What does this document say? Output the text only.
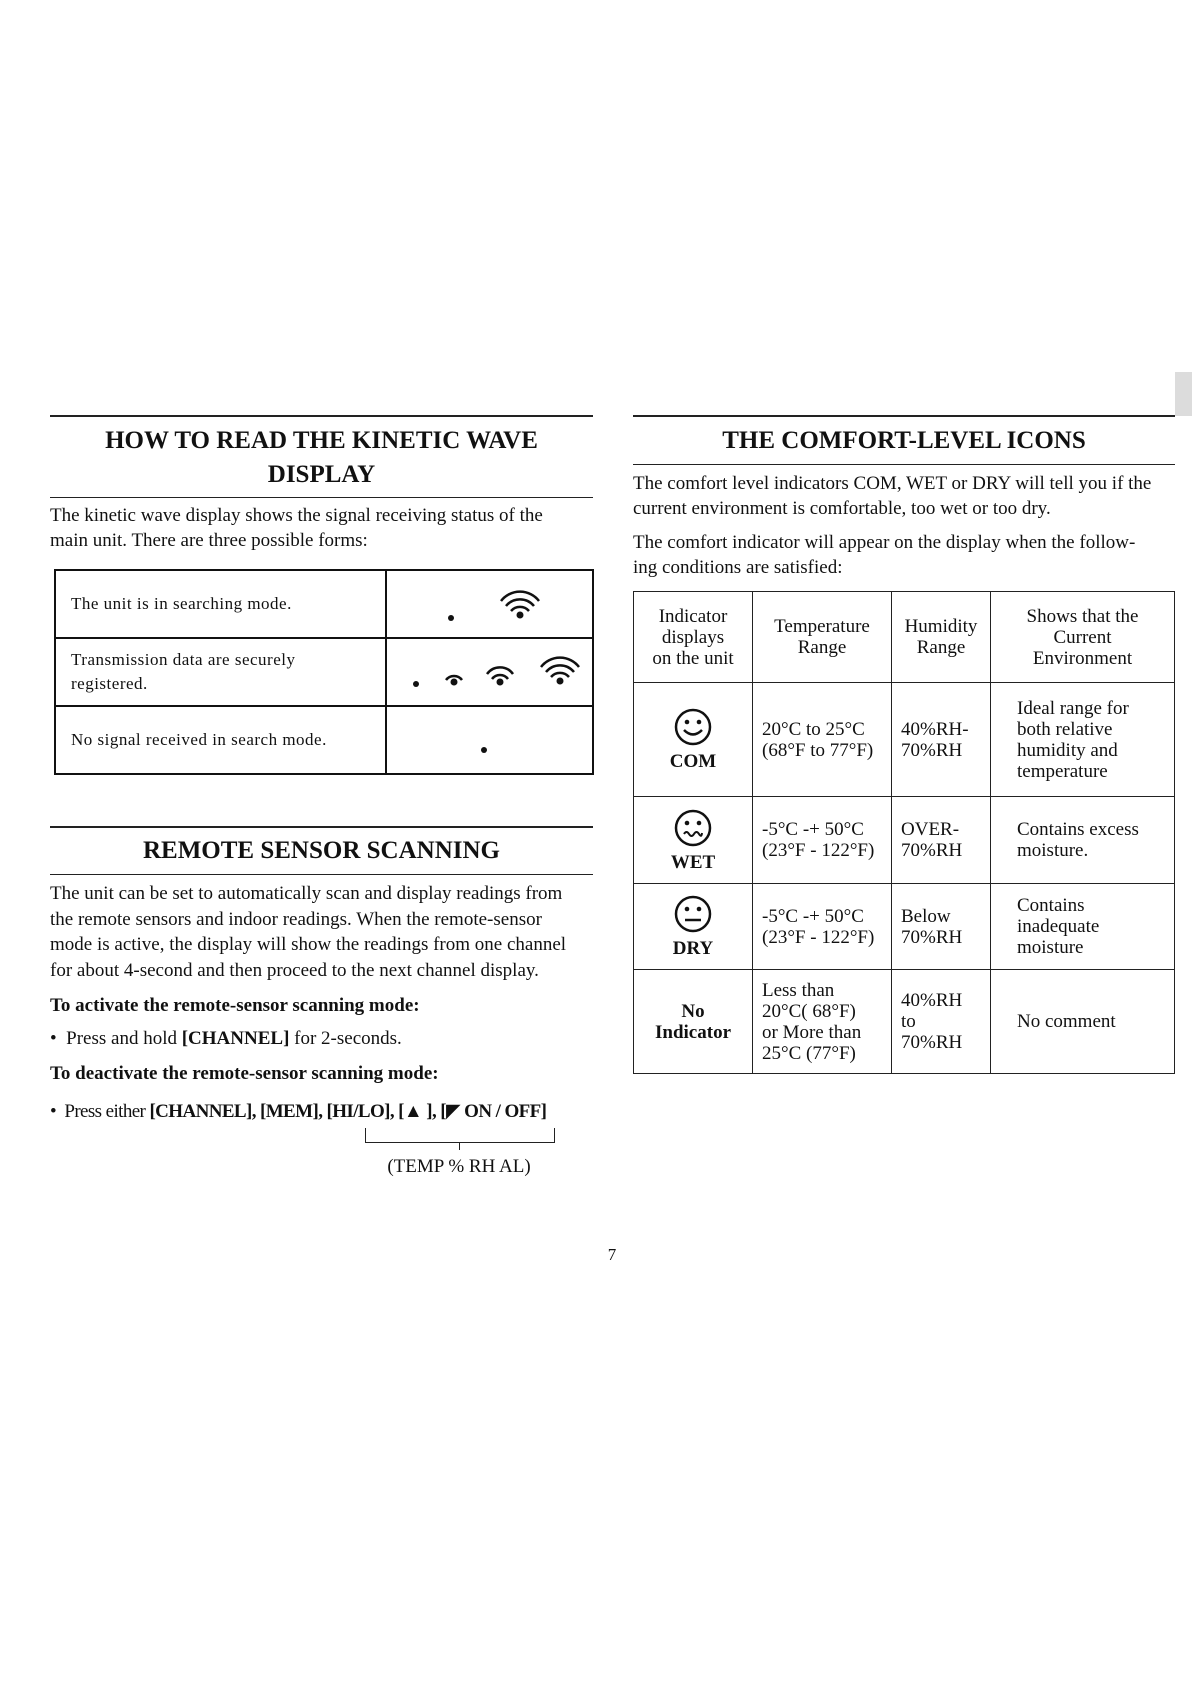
HOW TO READ THE KINETIC WAVE
DISPLAY

The kinetic wave display shows the signal receiving status of the
main unit. There are three possible forms:

The unit is in searching mode.	

Transmission data are securely
registered.	

No signal received in search mode.	
REMOTE SENSOR SCANNING

The unit can be set to automatically scan and display readings from
the remote sensors and indoor readings. When the remote-sensor
mode is active, the display will show the readings from one channel
for about 4-second and then proceed to the next channel display.

To activate the remote-sensor scanning mode:

•  Press and hold [CHANNEL] for 2-seconds.

To deactivate the remote-sensor scanning mode:

•  Press either [CHANNEL], [MEM], [HI/LO], [▲ ], [◤ ON / OFF]

(TEMP % RH AL)
THE COMFORT-LEVEL ICONS

The comfort level indicators COM, WET or DRY will tell you if the
current environment is comfortable, too wet or too dry.

The comfort indicator will appear on the display when the follow-
ing conditions are satisfied:

Indicator
displays
on the unit	Temperature
Range	Humidity
Range	Shows that the
Current
Environment

COM	20°C to 25°C
(68°F to 77°F)	40%RH-
70%RH	Ideal range for
both relative
humidity and
temperature

WET	-5°C -+ 50°C
(23°F - 122°F)	OVER-
70%RH	Contains excess
moisture.

DRY	-5°C -+ 50°C
(23°F - 122°F)	Below
70%RH	Contains
inadequate
moisture

No
Indicator	Less than
20°C( 68°F)
or More than
25°C (77°F)	40%RH
to
70%RH	No comment
7
